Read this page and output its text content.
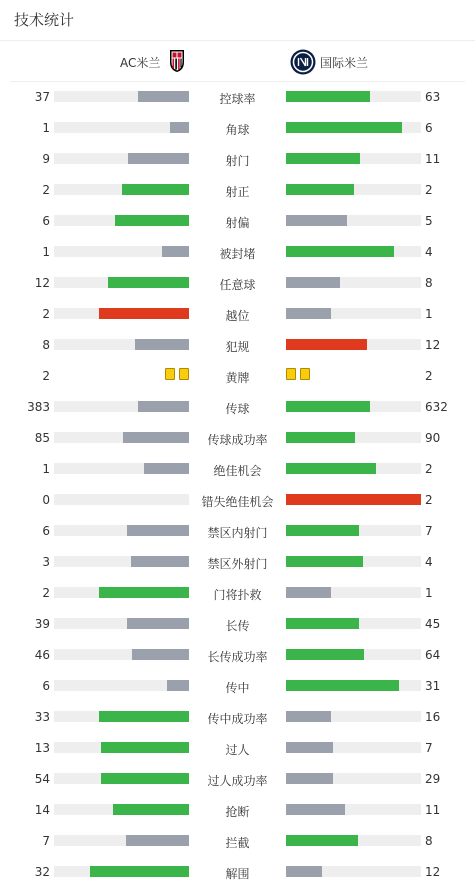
技术统计
AC米兰	国际米兰
37	控球率	63
1	角球	6
9	射门	11
2	射正	2
6	射偏	5
1	被封堵	4
12	任意球	8
2	越位	1
8	犯规	12
2	黄牌	2
383	传球	632
85	传球成功率	90
1	绝佳机会	2
0	错失绝佳机会	2
6	禁区内射门	7
3	禁区外射门	4
2	门将扑救	1
39	长传	45
46	长传成功率	64
6	传中	31
33	传中成功率	16
13	过人	7
54	过人成功率	29
14	抢断	11
7	拦截	8
32	解围	12
